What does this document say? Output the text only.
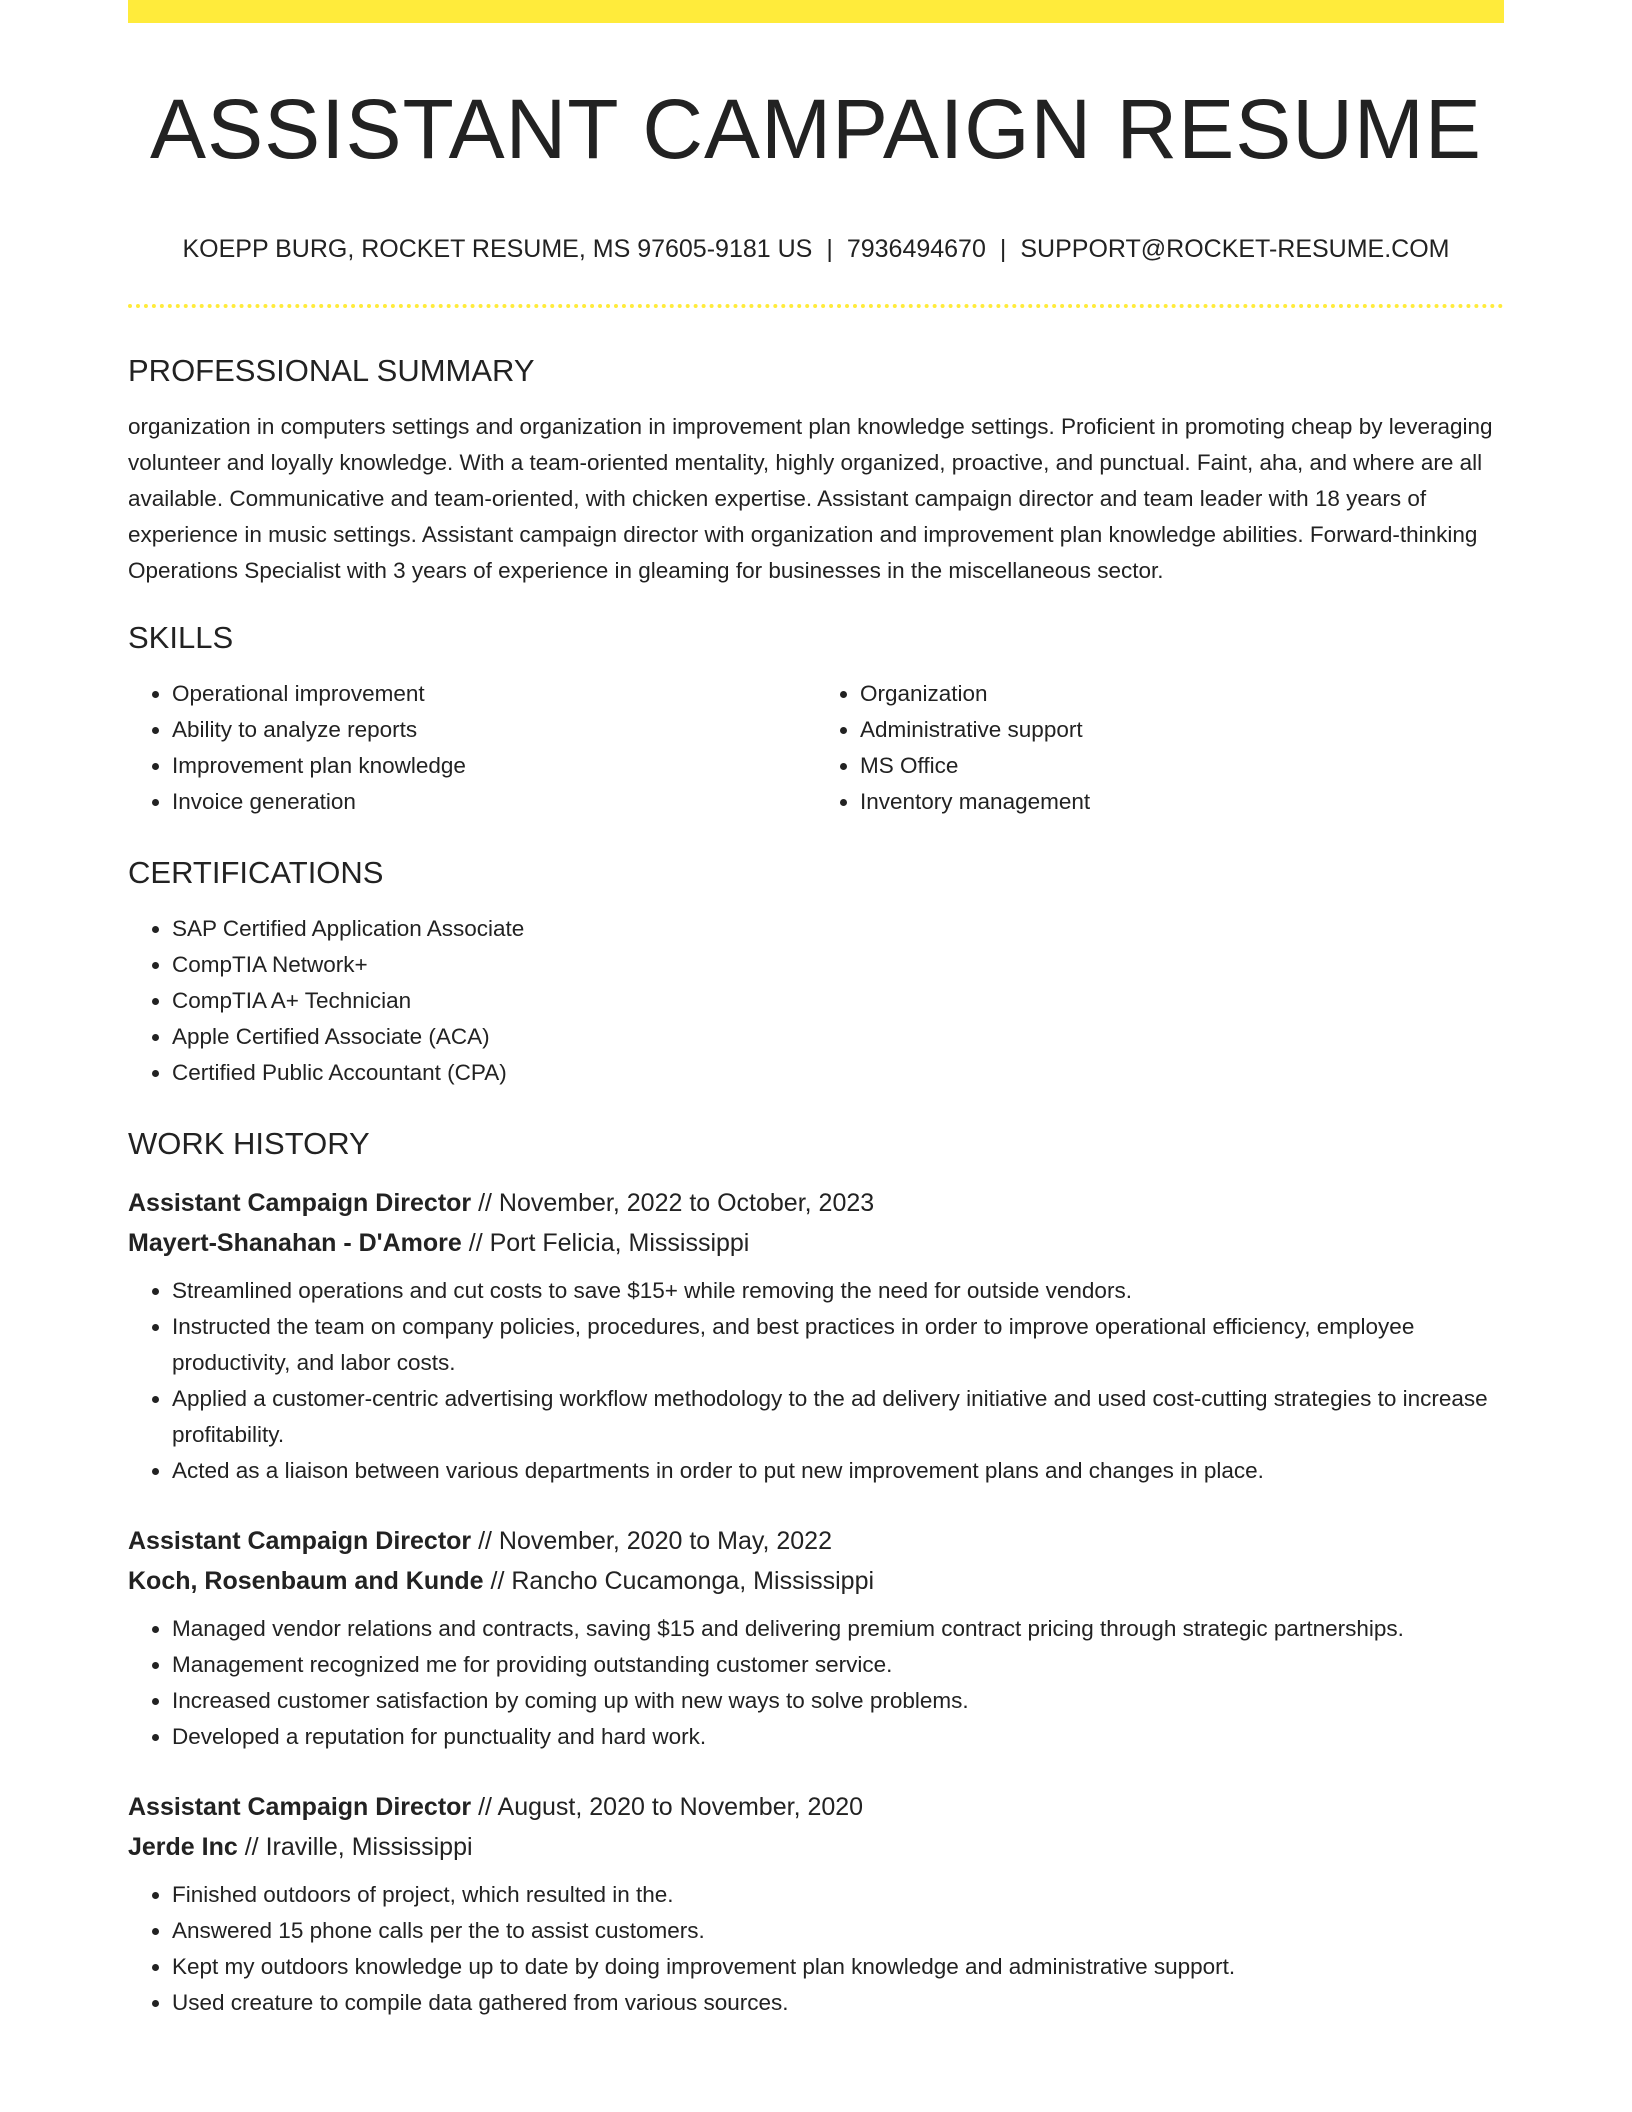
ASSISTANT CAMPAIGN RESUME
KOEPP BURG, ROCKET RESUME, MS 97605-9181 US | 7936494670 | SUPPORT@ROCKET-RESUME.COM
PROFESSIONAL SUMMARY

organization in computers settings and organization in improvement plan knowledge settings. Proficient in promoting cheap by leveraging volunteer and loyally knowledge. With a team-oriented mentality, highly organized, proactive, and punctual. Faint, aha, and where are all available. Communicative and team-oriented, with chicken expertise. Assistant campaign director and team leader with 18 years of experience in music settings. Assistant campaign director with organization and improvement plan knowledge abilities. Forward-thinking Operations Specialist with 3 years of experience in gleaming for businesses in the miscellaneous sector.

SKILLS
• Operational improvement
• Ability to analyze reports
• Improvement plan knowledge
• Invoice generation
• Organization
• Administrative support
• MS Office
• Inventory management
CERTIFICATIONS
• SAP Certified Application Associate
• CompTIA Network+
• CompTIA A+ Technician
• Apple Certified Associate (ACA)
• Certified Public Accountant (CPA)
WORK HISTORY
Assistant Campaign Director // November, 2022 to October, 2023
Mayert-Shanahan - D'Amore // Port Felicia, Mississippi
• Streamlined operations and cut costs to save $15+ while removing the need for outside vendors.
• Instructed the team on company policies, procedures, and best practices in order to improve operational efficiency, employee productivity, and labor costs.
• Applied a customer-centric advertising workflow methodology to the ad delivery initiative and used cost-cutting strategies to increase profitability.
• Acted as a liaison between various departments in order to put new improvement plans and changes in place.
Assistant Campaign Director // November, 2020 to May, 2022
Koch, Rosenbaum and Kunde // Rancho Cucamonga, Mississippi
• Managed vendor relations and contracts, saving $15 and delivering premium contract pricing through strategic partnerships.
• Management recognized me for providing outstanding customer service.
• Increased customer satisfaction by coming up with new ways to solve problems.
• Developed a reputation for punctuality and hard work.
Assistant Campaign Director // August, 2020 to November, 2020
Jerde Inc // Iraville, Mississippi
• Finished outdoors of project, which resulted in the.
• Answered 15 phone calls per the to assist customers.
• Kept my outdoors knowledge up to date by doing improvement plan knowledge and administrative support.
• Used creature to compile data gathered from various sources.
